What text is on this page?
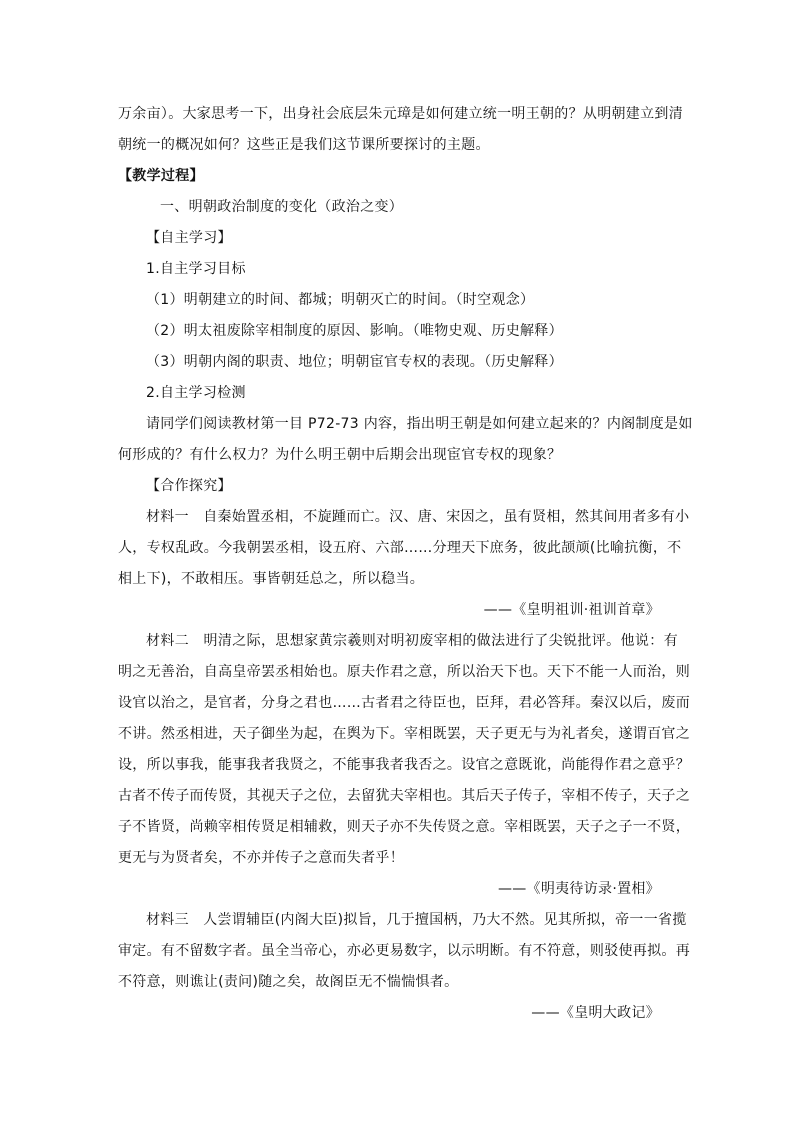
万余亩）。大家思考一下，出身社会底层朱元璋是如何建立统一明王朝的？从明朝建立到清
朝统一的概况如何？这些正是我们这节课所要探讨的主题。
【教学过程】
一、明朝政治制度的变化（政治之变）
【自主学习】
1.自主学习目标
（1）明朝建立的时间、都城；明朝灭亡的时间。（时空观念）
（2）明太祖废除宰相制度的原因、影响。（唯物史观、历史解释）
（3）明朝内阁的职责、地位；明朝宦官专权的表现。（历史解释）
2.自主学习检测
请同学们阅读教材第一目 P72-73 内容，指出明王朝是如何建立起来的？内阁制度是如
何形成的？有什么权力？为什么明王朝中后期会出现宦官专权的现象？
【合作探究】
材料一　自秦始置丞相，不旋踵而亡。汉、唐、宋因之，虽有贤相，然其间用者多有小
人，专权乱政。今我朝罢丞相，设五府、六部……分理天下庶务，彼此颉颃(比喻抗衡，不
相上下)，不敢相压。事皆朝廷总之，所以稳当。
——《皇明祖训·祖训首章》
材料二　明清之际，思想家黄宗羲则对明初废宰相的做法进行了尖锐批评。他说：有
明之无善治，自高皇帝罢丞相始也。原夫作君之意，所以治天下也。天下不能一人而治，则
设官以治之，是官者，分身之君也……古者君之待臣也，臣拜，君必答拜。秦汉以后，废而
不讲。然丞相进，天子御坐为起，在舆为下。宰相既罢，天子更无与为礼者矣，遂谓百官之
设，所以事我，能事我者我贤之，不能事我者我否之。设官之意既讹，尚能得作君之意乎？
古者不传子而传贤，其视天子之位，去留犹夫宰相也。其后天子传子，宰相不传子，天子之
子不皆贤，尚赖宰相传贤足相辅救，则天子亦不失传贤之意。宰相既罢，天子之子一不贤，
更无与为贤者矣，不亦并传子之意而失者乎！
——《明夷待访录·置相》
材料三　人尝谓辅臣(内阁大臣)拟旨，几于擅国柄，乃大不然。见其所拟，帝一一省揽
审定。有不留数字者。虽全当帝心，亦必更易数字，以示明断。有不符意，则驳使再拟。再
不符意，则谯让(责问)随之矣，故阁臣无不惴惴惧者。
——《皇明大政记》
